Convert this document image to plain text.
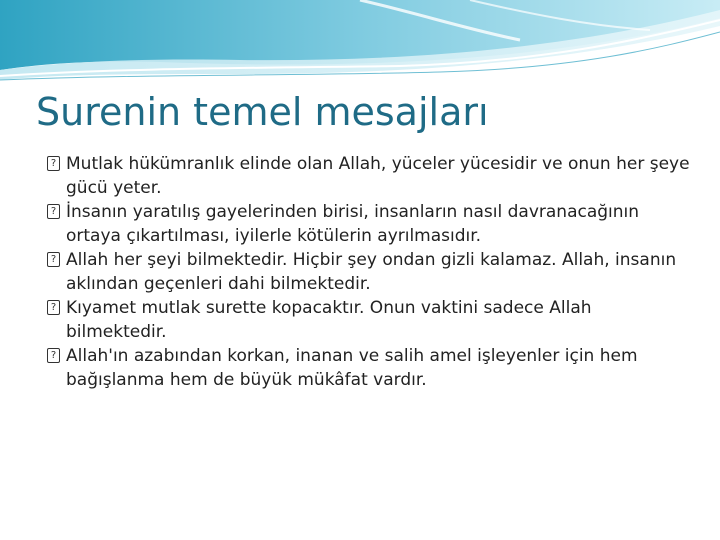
Surenin temel mesajları
? Mutlak hükümranlık elinde olan Allah, yüceler yücesidir ve onun her şeye gücü yeter.
? İnsanın yaratılış gayelerinden birisi, insanların nasıl davranacağının ortaya çıkartılması, iyilerle kötülerin ayrılmasıdır.
? Allah her şeyi bilmektedir. Hiçbir şey ondan gizli kalamaz. Allah, insanın aklından geçenleri dahi bilmektedir.
? Kıyamet mutlak surette kopacaktır. Onun vaktini sadece Allah bilmektedir.
? Allah'ın azabından korkan, inanan ve salih amel işleyenler için hem bağışlanma hem de büyük mükâfat vardır.
